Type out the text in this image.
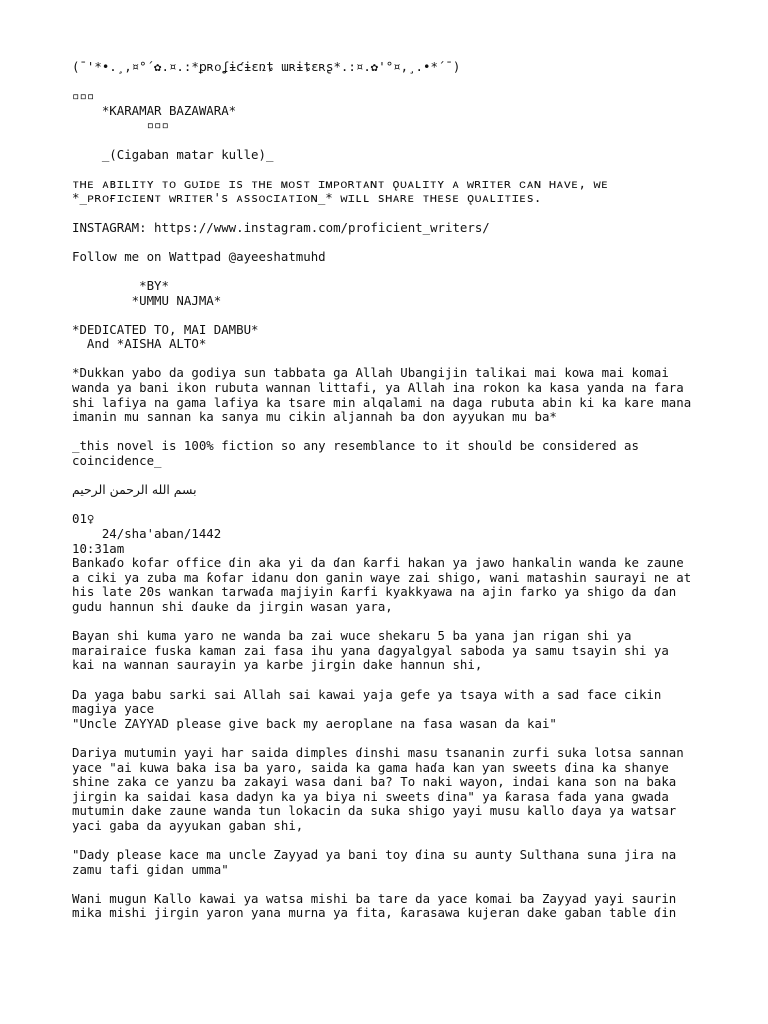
(¯'*•.¸,¤°´✿.¤.:*ꝑʀᴏʆɨƈɨɛռȶ աʀɨȶɛʀʂ*.:¤.✿'°¤,¸.•*´¯)
▫▫▫
*KARAMAR BAZAWARA*
▫▫▫
_(Cigaban matar kulle)_
ᴛʜᴇ ᴀʙɪʟɪᴛʏ ᴛᴏ ɢᴜɪᴅᴇ ɪs ᴛʜᴇ ᴍᴏsᴛ ɪᴍᴘᴏʀᴛᴀɴᴛ ǫᴜᴀʟɪᴛʏ ᴀ ᴡʀɪᴛᴇʀ ᴄᴀɴ ʜᴀᴠᴇ, ᴡᴇ
*_ᴘʀᴏғɪᴄɪᴇɴᴛ ᴡʀɪᴛᴇʀ's ᴀssᴏᴄɪᴀᴛɪᴏɴ_* ᴡɪʟʟ sʜᴀʀᴇ ᴛʜᴇsᴇ ǫᴜᴀʟɪᴛɪᴇs.
INSTAGRAM: https://www.instagram.com/proficient_writers/
Follow me on Wattpad @ayeeshatmuhd
*BY*
*UMMU NAJMA*
*DEDICATED TO, MAI DAMBU*
And *AISHA ALTO*
*Dukkan yabo da godiya sun tabbata ga Allah Ubangijin talikai mai kowa mai komai
wanda ya bani ikon rubuta wannan littafi, ya Allah ina rokon ka kasa yanda na fara
shi lafiya na gama lafiya ka tsare min alqalami na daga rubuta abin ki ka kare mana
imanin mu sannan ka sanya mu cikin aljannah ba don ayyukan mu ba*
_this novel is 100% fiction so any resemblance to it should be considered as
coincidence_
بسم الله الرحمن الرحيم
01♀
24/sha'aban/1442
10:31am
Bankaɗo kofar office ɗin aka yi da ɗan ƙarfi hakan ya jawo hankalin wanda ke zaune
a ciki ya zuba ma ƙofar idanu don ganin waye zai shigo, wani matashin saurayi ne at
his late 20s wankan tarwaɗa majiyin ƙarfi kyakkyawa na ajin farko ya shigo da ɗan
gudu hannun shi ɗauke da jirgin wasan yara,
Bayan shi kuma yaro ne wanda ba zai wuce shekaru 5 ba yana jan rigan shi ya
marairaice fuska kaman zai fasa ihu yana ɗagyalgyal saboda ya samu tsayin shi ya
kai na wannan saurayin ya karbe jirgin dake hannun shi,
Da yaga babu sarki sai Allah sai kawai yaja gefe ya tsaya with a sad face cikin
magiya yace
"Uncle ZAYYAD please give back my aeroplane na fasa wasan da kai"
Dariya mutumin yayi har saida dimples ɗinshi masu tsananin zurfi suka lotsa sannan
yace "ai kuwa baka isa ba yaro, saida ka gama haɗa kan ƴan sweets ɗina ka shanye
shine zaka ce yanzu ba zakayi wasa dani ba? To naki wayon, indai kana son na baka
jirgin ka saidai kasa dadyn ka ya biya ni sweets ɗina" ya ƙarasa fada yana gwada
mutumin dake zaune wanda tun lokacin da suka shigo yayi musu kallo ɗaya ya watsar
yaci gaba da ayyukan gaban shi,
"Dady please kace ma uncle Zayyad ya bani toy ɗina su aunty Sulthana suna jira na
zamu tafi gidan umma"
Wani mugun Kallo kawai ya watsa mishi ba tare da yace komai ba Zayyad yayi saurin
mika mishi jirgin yaron yana murna ya fita, ƙarasawa kujeran dake gaban table ɗin
